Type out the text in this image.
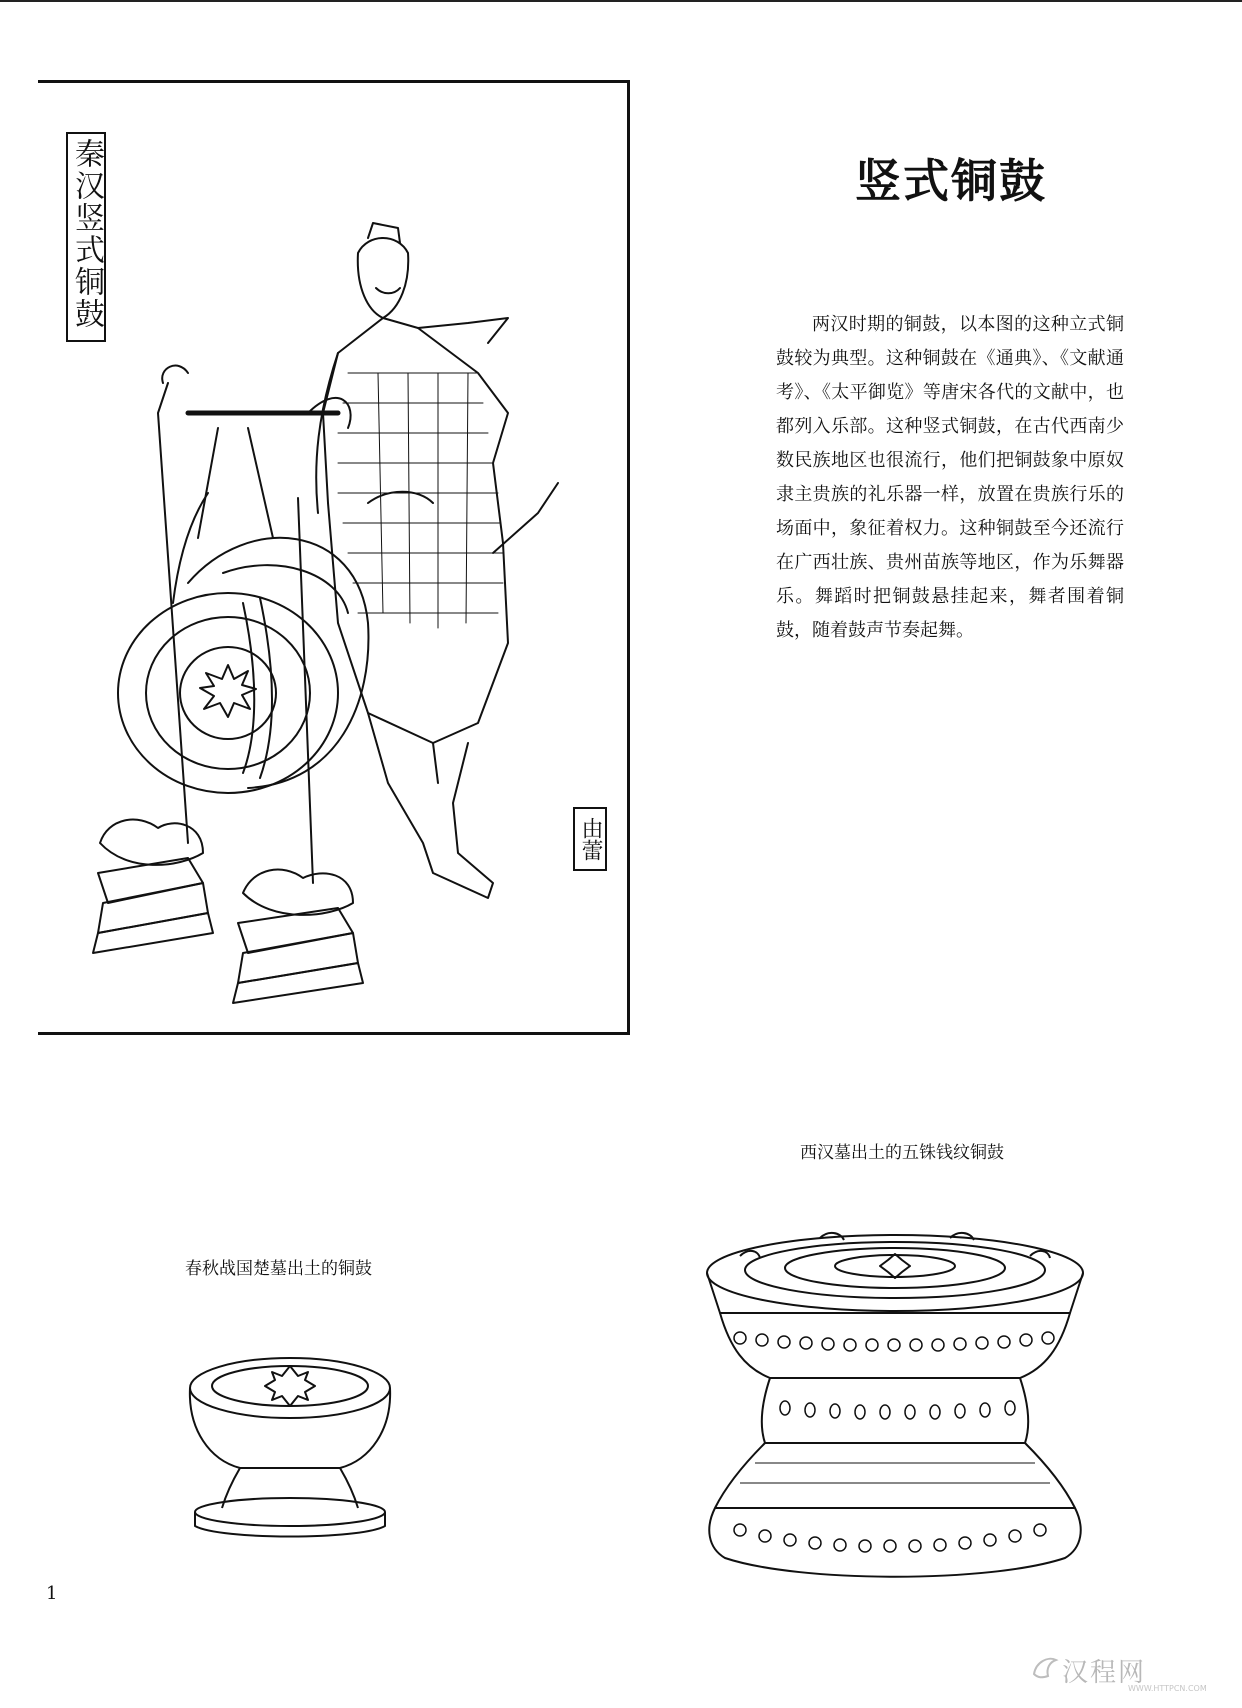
秦汉竖式铜鼓
由蕾
竖式铜鼓
两汉时期的铜鼓，以本图的这种立式铜鼓较为典型。这种铜鼓在《通典》、《文献通考》、《太平御览》等唐宋各代的文献中，也都列入乐部。这种竖式铜鼓，在古代西南少数民族地区也很流行，他们把铜鼓象中原奴隶主贵族的礼乐器一样，放置在贵族行乐的场面中，象征着权力。这种铜鼓至今还流行在广西壮族、贵州苗族等地区，作为乐舞器乐。舞蹈时把铜鼓悬挂起来，舞者围着铜鼓，随着鼓声节奏起舞。
西汉墓出土的五铢钱纹铜鼓
春秋战国楚墓出土的铜鼓
1
汉程网
WWW.HTTPCN.COM
